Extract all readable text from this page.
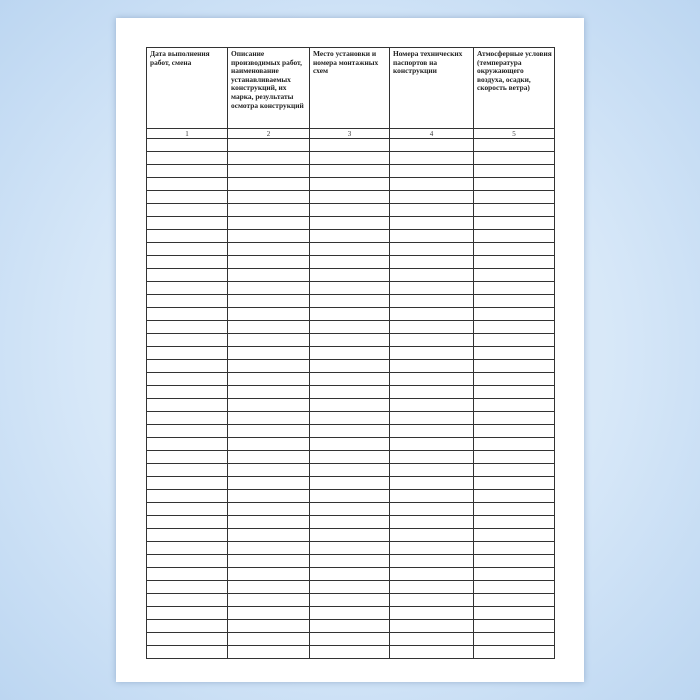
Дата выполнения работ, смена	Описание производимых работ, наименование устанавливаемых конструкций, их марка, результаты осмотра конструкций	Место установки и номера монтажных схем	Номера технических паспортов на конструкции	Атмосферные условия (температура окружающего воздуха, осадки, скорость ветра)
1	2	3	4	5
